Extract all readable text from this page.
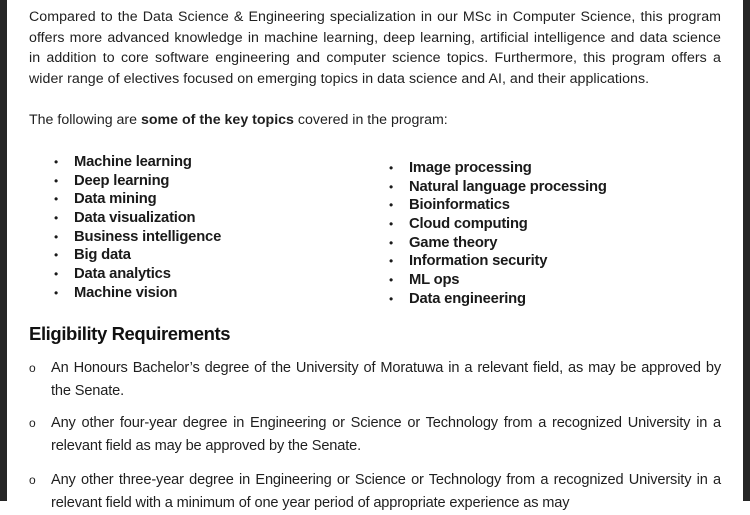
Compared to the Data Science & Engineering specialization in our MSc in Computer Science, this program offers more advanced knowledge in machine learning, deep learning, artificial intelligence and data science in addition to core software engineering and computer science topics. Furthermore, this program offers a wider range of electives focused on emerging topics in data science and AI, and their applications.

The following are some of the key topics covered in the program:

• Machine learning
• Deep learning
• Data mining
• Data visualization
• Business intelligence
• Big data
• Data analytics
• Machine vision
• Image processing
• Natural language processing
• Bioinformatics
• Cloud computing
• Game theory
• Information security
• ML ops
• Data engineering
Eligibility Requirements

o An Honours Bachelor’s degree of the University of Moratuwa in a relevant field, as may be approved by the Senate.

o Any other four-year degree in Engineering or Science or Technology from a recognized University in a relevant field as may be approved by the Senate.

o Any other three-year degree in Engineering or Science or Technology from a recognized University in a relevant field with a minimum of one year period of appropriate experience as may
